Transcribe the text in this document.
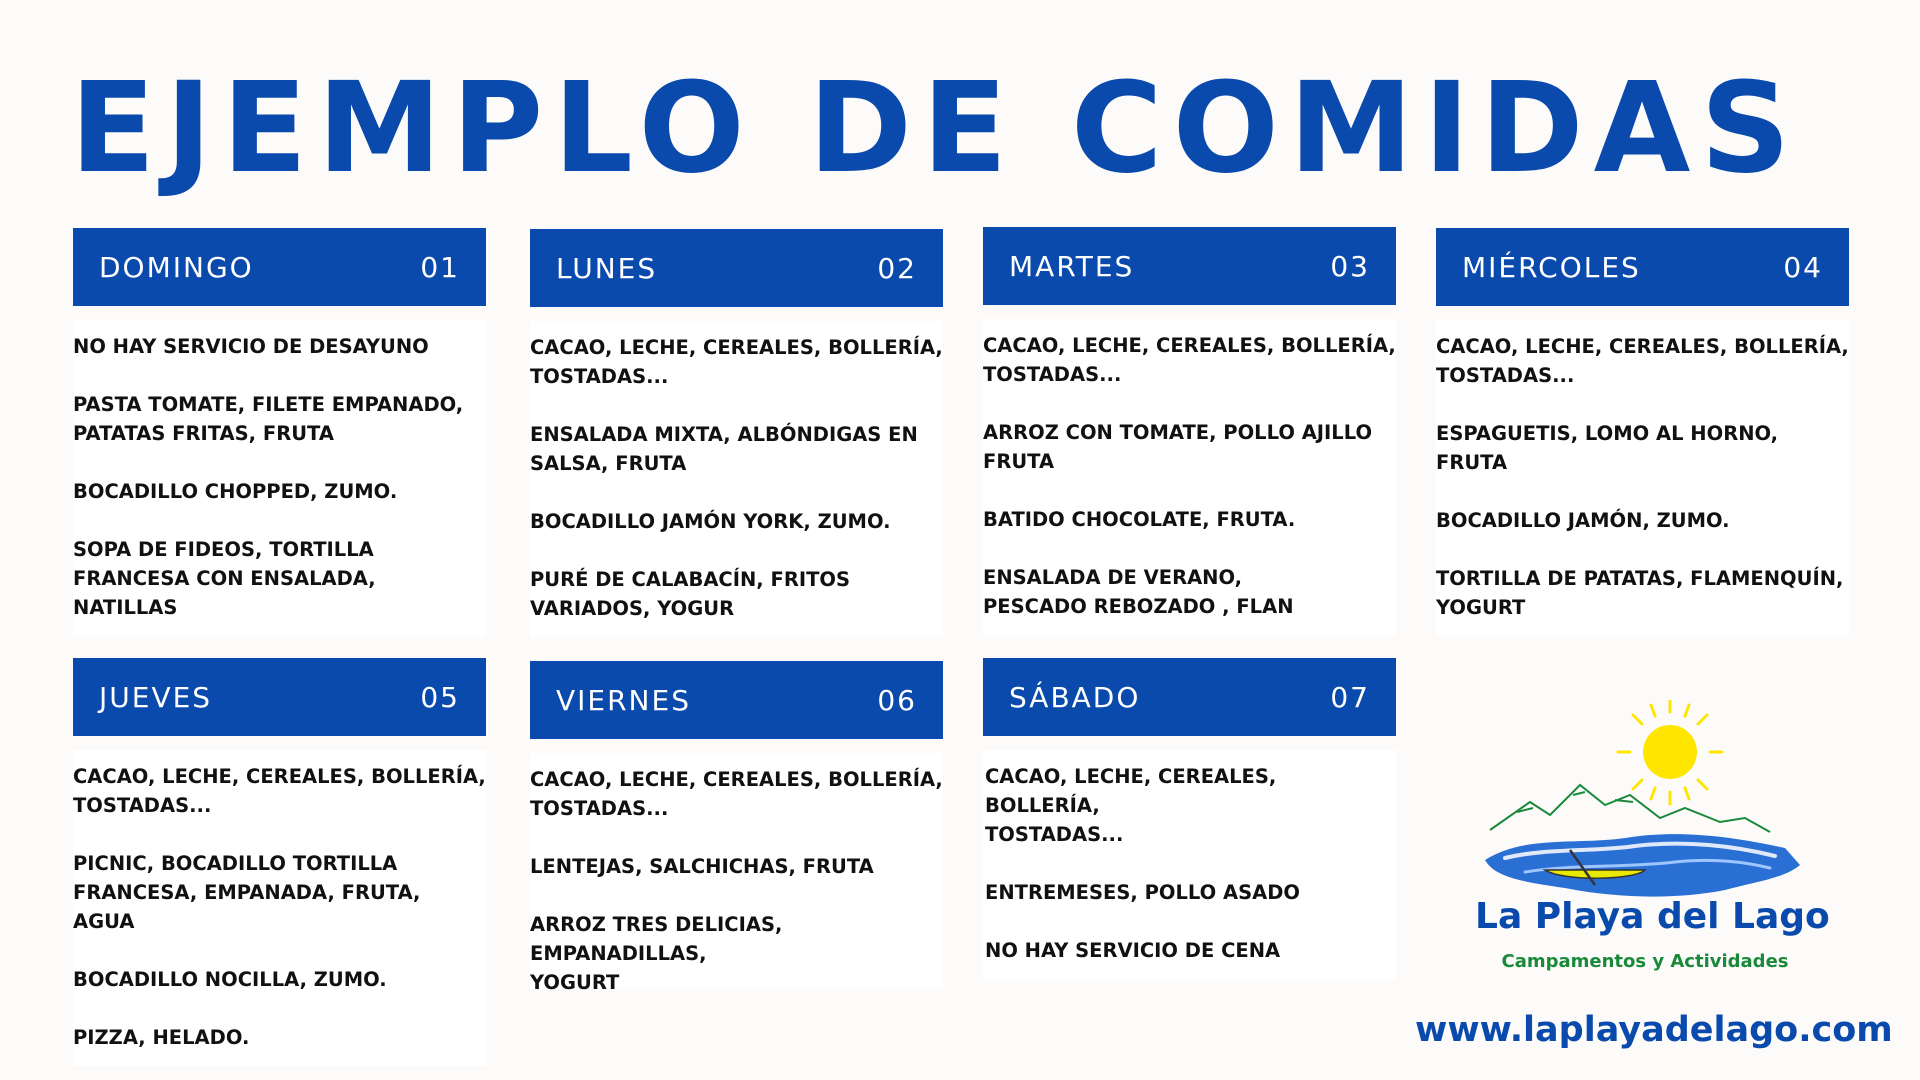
EJEMPLO DE COMIDAS
DOMINGO	01
NO HAY SERVICIO DE DESAYUNO
PASTA TOMATE, FILETE EMPANADO,
PATATAS FRITAS, FRUTA
BOCADILLO CHOPPED, ZUMO.
SOPA DE FIDEOS, TORTILLA
FRANCESA CON ENSALADA, NATILLAS
LUNES	02
CACAO, LECHE, CEREALES, BOLLERÍA,
TOSTADAS...
ENSALADA MIXTA, ALBÓNDIGAS EN
SALSA, FRUTA
BOCADILLO JAMÓN YORK, ZUMO.
PURÉ DE CALABACÍN, FRITOS
VARIADOS, YOGUR
MARTES	03
CACAO, LECHE, CEREALES, BOLLERÍA,
TOSTADAS...
ARROZ CON TOMATE, POLLO AJILLO
FRUTA
BATIDO CHOCOLATE, FRUTA.
ENSALADA DE VERANO,
PESCADO REBOZADO , FLAN
MIÉRCOLES	04
CACAO, LECHE, CEREALES, BOLLERÍA,
TOSTADAS...
ESPAGUETIS, LOMO AL HORNO, FRUTA
BOCADILLO JAMÓN, ZUMO.
TORTILLA DE PATATAS, FLAMENQUÍN,
YOGURT
JUEVES	05
CACAO, LECHE, CEREALES, BOLLERÍA,
TOSTADAS...
PICNIC, BOCADILLO TORTILLA
FRANCESA, EMPANADA, FRUTA, AGUA
BOCADILLO NOCILLA, ZUMO.
PIZZA, HELADO.
VIERNES	06
CACAO, LECHE, CEREALES, BOLLERÍA,
TOSTADAS...
LENTEJAS, SALCHICHAS, FRUTA
ARROZ TRES DELICIAS, EMPANADILLAS,
YOGURT
SÁBADO	07
CACAO, LECHE, CEREALES, BOLLERÍA,
TOSTADAS...
ENTREMESES, POLLO ASADO
NO HAY SERVICIO DE CENA
La Playa del Lago
Campamentos y Actividades
www.laplayadelago.com
